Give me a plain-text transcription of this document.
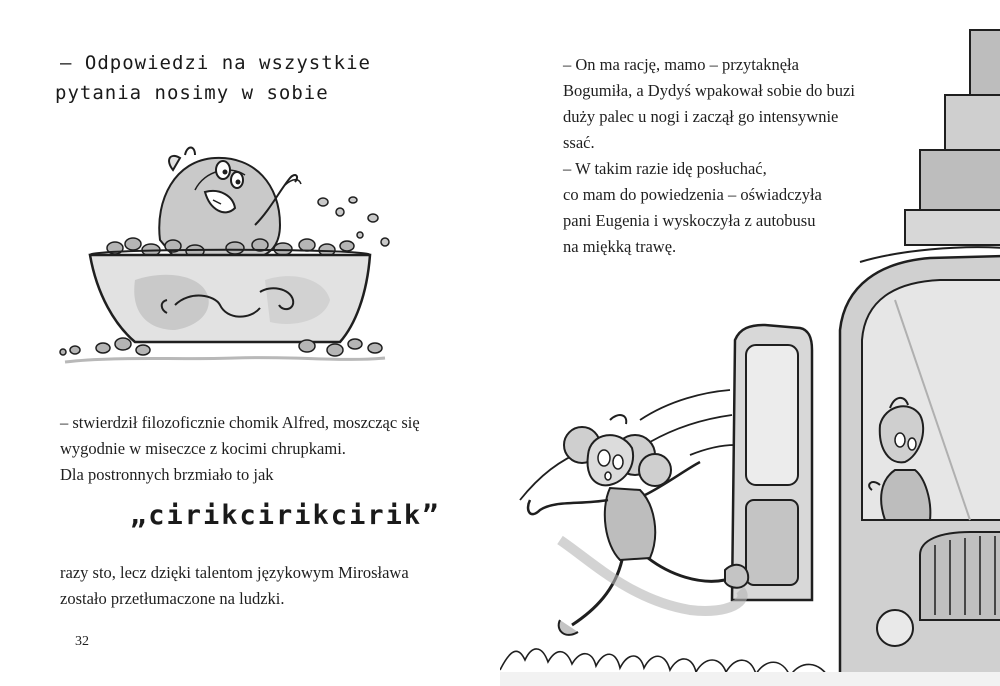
– Odpowiedzi na wszystkie
pytania nosimy w sobie
– stwierdził filozoficznie chomik Alfred, moszcząc się
wygodnie w miseczce z kocimi chrupkami.
Dla postronnych brzmiało to jak
„cirikcirikcirik”
razy sto, lecz dzięki talentom językowym Mirosława
zostało przetłumaczone na ludzki.
32
– On ma rację, mamo – przytaknęła
Bogumiła, a Dydyś wpakował sobie do buzi
duży palec u nogi i zaczął go intensywnie
ssać.
– W takim razie idę posłuchać,
co mam do powiedzenia – oświadczyła
pani Eugenia i wyskoczyła z autobusu
na miękką trawę.
